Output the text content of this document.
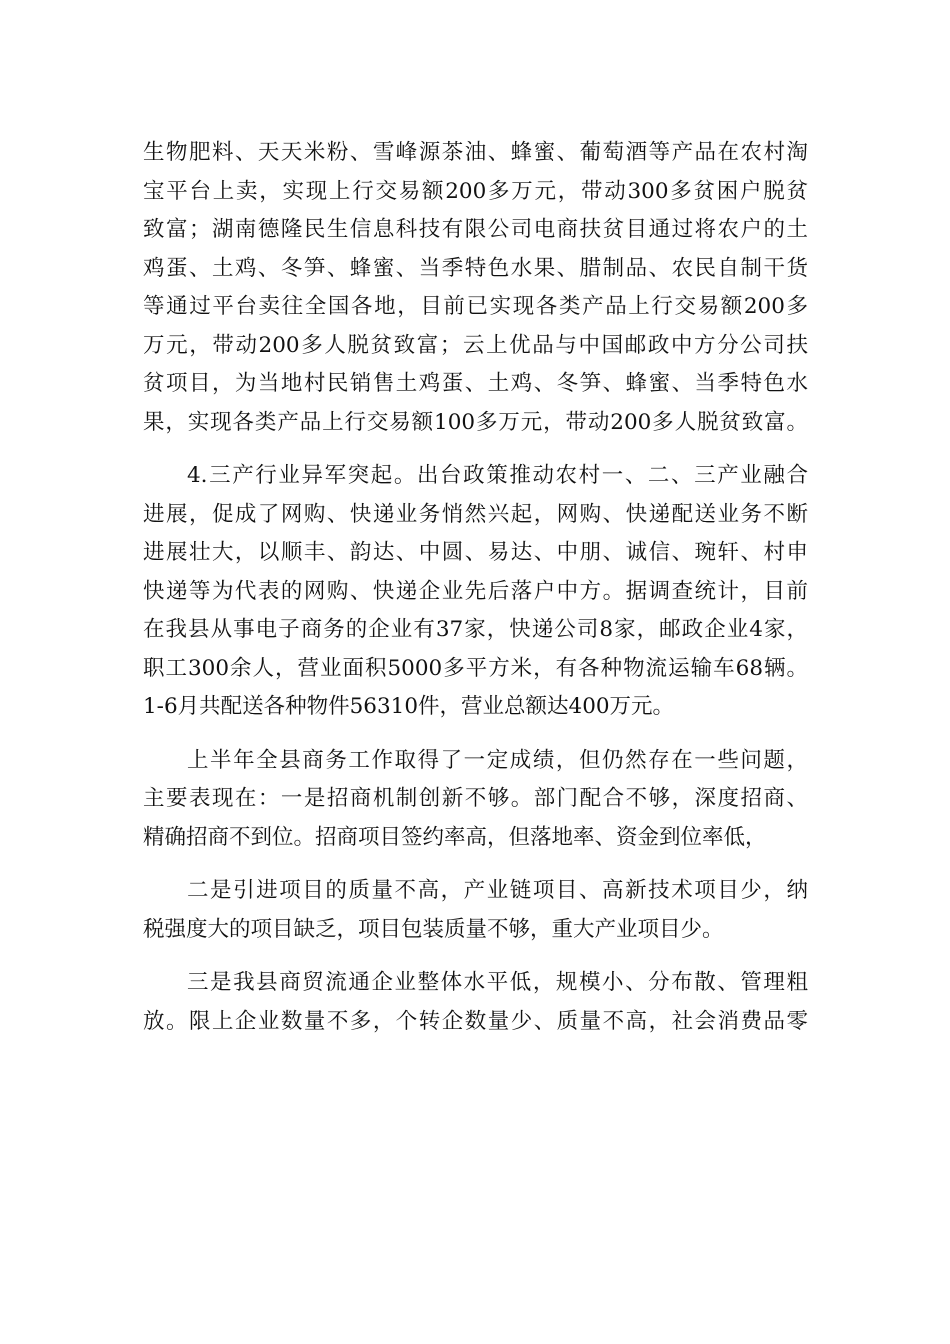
生物肥料、天天米粉、雪峰源茶油、蜂蜜、葡萄酒等产品在农村淘
宝平台上卖，实现上行交易额200多万元，带动300多贫困户脱贫
致富；湖南德隆民生信息科技有限公司电商扶贫目通过将农户的土
鸡蛋、土鸡、冬笋、蜂蜜、当季特色水果、腊制品、农民自制干货
等通过平台卖往全国各地，目前已实现各类产品上行交易额200多
万元，带动200多人脱贫致富；云上优品与中国邮政中方分公司扶
贫项目，为当地村民销售土鸡蛋、土鸡、冬笋、蜂蜜、当季特色水
果，实现各类产品上行交易额100多万元，带动200多人脱贫致富。
4.三产行业异军突起。出台政策推动农村一、二、三产业融合
进展，促成了网购、快递业务悄然兴起，网购、快递配送业务不断
进展壮大，以顺丰、韵达、中圆、易达、中朋、诚信、琬轩、村申
快递等为代表的网购、快递企业先后落户中方。据调查统计，目前
在我县从事电子商务的企业有37家，快递公司8家，邮政企业4家，
职工300余人，营业面积5000多平方米，有各种物流运输车68辆。
1-6月共配送各种物件56310件，营业总额达400万元。
上半年全县商务工作取得了一定成绩，但仍然存在一些问题，
主要表现在：一是招商机制创新不够。部门配合不够，深度招商、
精确招商不到位。招商项目签约率高，但落地率、资金到位率低，
二是引进项目的质量不高，产业链项目、高新技术项目少，纳
税强度大的项目缺乏，项目包装质量不够，重大产业项目少。
三是我县商贸流通企业整体水平低，规模小、分布散、管理粗
放。限上企业数量不多，个转企数量少、质量不高，社会消费品零
